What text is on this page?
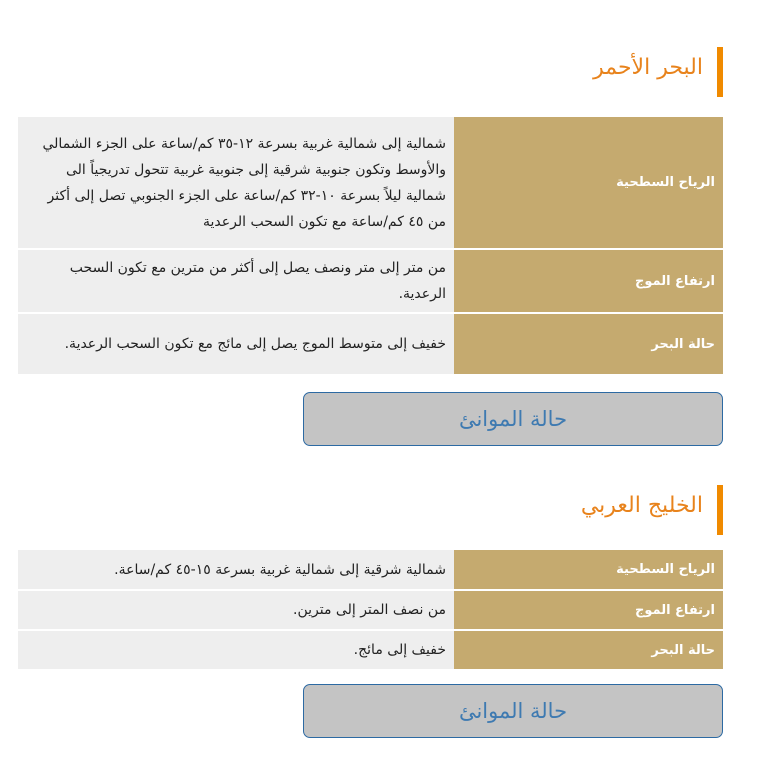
البحر الأحمر
الرياح السطحية	شمالية إلى شمالية غربية بسرعة ١٢-٣٥ كم/ساعة على الجزء الشمالي والأوسط وتكون جنوبية شرقية إلى جنوبية غربية تتحول تدريجياً الى شمالية ليلاً بسرعة ١٠-٣٢ كم/ساعة على الجزء الجنوبي تصل إلى أكثر من ٤٥ كم/ساعة مع تكون السحب الرعدية
ارتفاع الموج	من متر إلى متر ونصف يصل إلى أكثر من مترين مع تكون السحب الرعدية.
حالة البحر	خفيف إلى متوسط الموج يصل إلى مائج مع تكون السحب الرعدية.
حالة الموانئ
الخليج العربي
الرياح السطحية	شمالية شرقية إلى شمالية غربية بسرعة ١٥-٤٥ كم/ساعة.
ارتفاع الموج	من نصف المتر إلى مترين.
حالة البحر	خفيف إلى مائج.
حالة الموانئ
